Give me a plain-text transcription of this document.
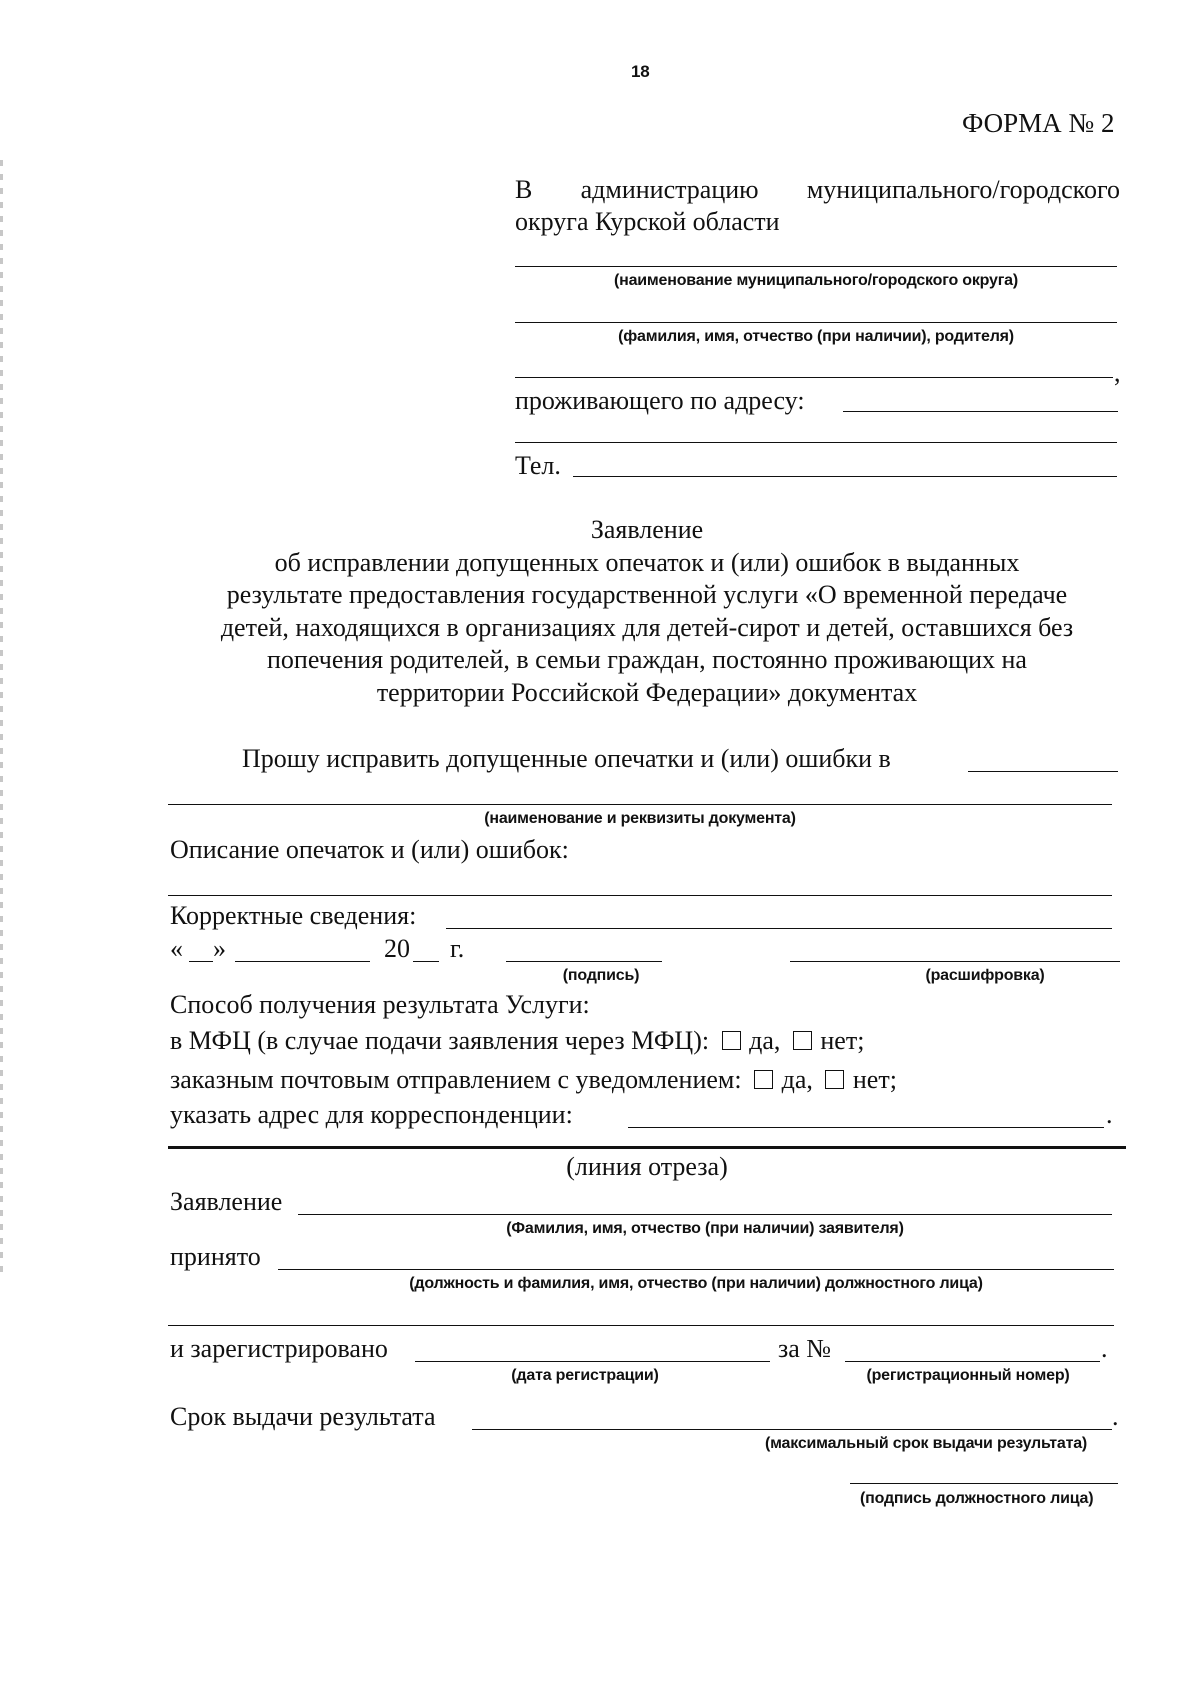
18
ФОРМА № 2
В администрацию муниципального/городского
округа Курской области
(наименование муниципального/городского округа)
(фамилия, имя, отчество (при наличии), родителя)
,
проживающего по адресу:
Тел.
Заявление
об исправлении допущенных опечаток и (или) ошибок в выданных
результате предоставления государственной услуги «О временной передаче
детей, находящихся в организациях для детей-сирот и детей, оставшихся без
попечения родителей, в семьи граждан, постоянно проживающих на
территории Российской Федерации» документах
Прошу исправить допущенные опечатки и (или) ошибки в
(наименование и реквизиты документа)
Описание опечаток и (или) ошибок:
Корректные сведения:
« »	20 г.
(подпись)	(расшифровка)
Способ получения результата Услуги:
в МФЦ (в случае подачи заявления через МФЦ): да, нет;
заказным почтовым отправлением с уведомлением: да, нет;
указать адрес для корреспонденции:	.
(линия отреза)
Заявление
(Фамилия, имя, отчество (при наличии) заявителя)
принято
(должность и фамилия, имя, отчество (при наличии) должностного лица)
и зарегистрировано	за №	.
(дата регистрации)	(регистрационный номер)
Срок выдачи результата	.
(максимальный срок выдачи результата)
(подпись должностного лица)
